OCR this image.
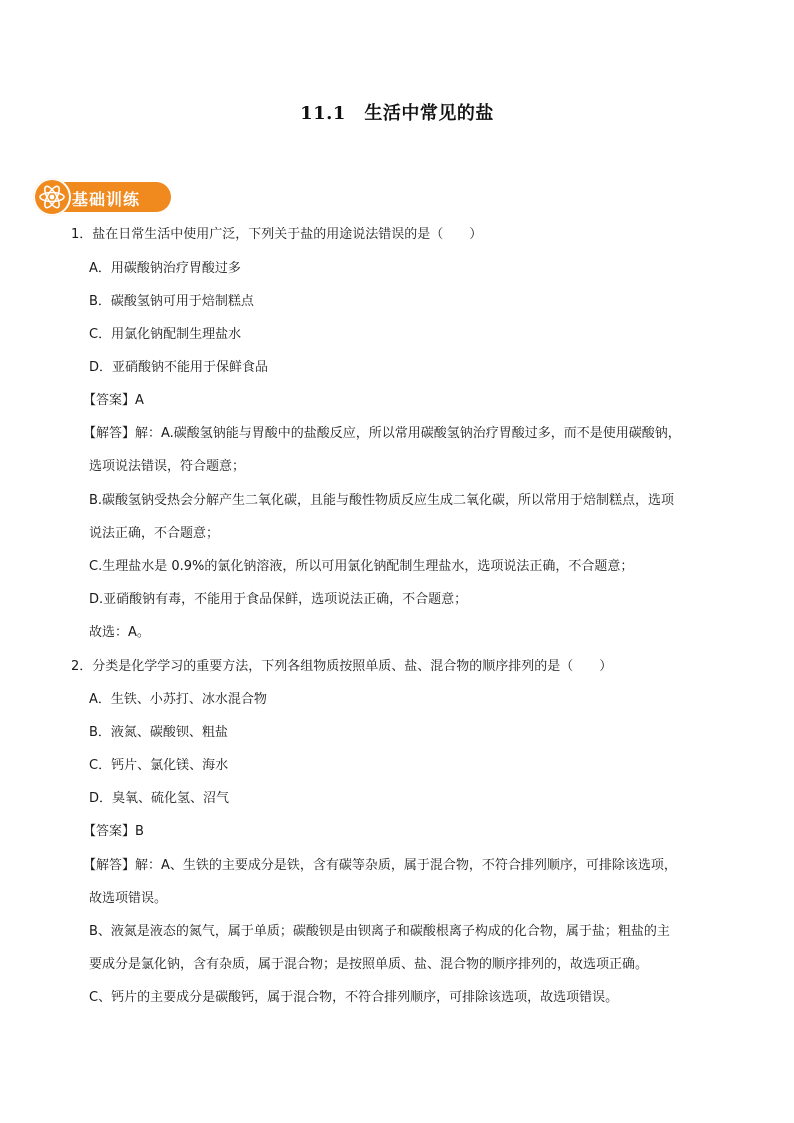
11.1　生活中常见的盐
基础训练
1．盐在日常生活中使用广泛，下列关于盐的用途说法错误的是（　　）
A．用碳酸钠治疗胃酸过多
B．碳酸氢钠可用于焙制糕点
C．用氯化钠配制生理盐水
D．亚硝酸钠不能用于保鲜食品
【答案】A
【解答】解：A.碳酸氢钠能与胃酸中的盐酸反应，所以常用碳酸氢钠治疗胃酸过多，而不是使用碳酸钠，
选项说法错误，符合题意；
B.碳酸氢钠受热会分解产生二氧化碳，且能与酸性物质反应生成二氧化碳，所以常用于焙制糕点，选项
说法正确，不合题意；
C.生理盐水是 0.9%的氯化钠溶液，所以可用氯化钠配制生理盐水，选项说法正确，不合题意；
D.亚硝酸钠有毒，不能用于食品保鲜，选项说法正确，不合题意；
故选：A。
2．分类是化学学习的重要方法，下列各组物质按照单质、盐、混合物的顺序排列的是（　　）
A．生铁、小苏打、冰水混合物
B．液氮、碳酸钡、粗盐
C．钙片、氯化镁、海水
D．臭氧、硫化氢、沼气
【答案】B
【解答】解：A、生铁的主要成分是铁，含有碳等杂质，属于混合物，不符合排列顺序，可排除该选项，
故选项错误。
B、液氮是液态的氮气，属于单质；碳酸钡是由钡离子和碳酸根离子构成的化合物，属于盐；粗盐的主
要成分是氯化钠，含有杂质，属于混合物；是按照单质、盐、混合物的顺序排列的，故选项正确。
C、钙片的主要成分是碳酸钙，属于混合物，不符合排列顺序，可排除该选项，故选项错误。
